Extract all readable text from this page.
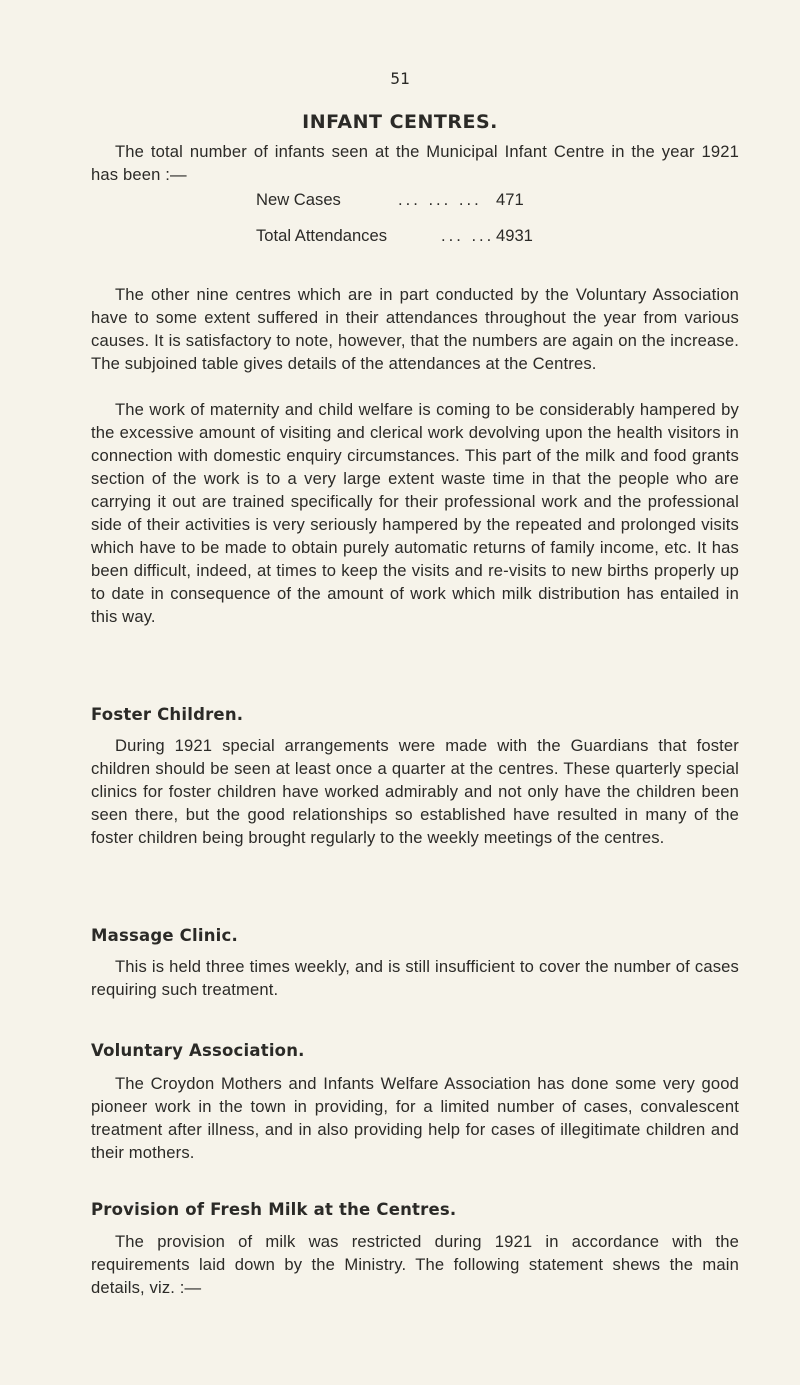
51
INFANT CENTRES.

The total number of infants seen at the Municipal Infant Centre in the year 1921 has been :—

New Cases	... ... ... 471
Total Attendances	... ... 4931

The other nine centres which are in part conducted by the Voluntary Association have to some extent suffered in their attendances throughout the year from various causes. It is satisfactory to note, however, that the numbers are again on the increase. The subjoined table gives details of the attendances at the Centres.

The work of maternity and child welfare is coming to be considerably hampered by the excessive amount of visiting and clerical work devolving upon the health visitors in connection with domestic enquiry circumstances. This part of the milk and food grants section of the work is to a very large extent waste time in that the people who are carrying it out are trained specifically for their professional work and the professional side of their activities is very seriously hampered by the repeated and prolonged visits which have to be made to obtain purely automatic returns of family income, etc. It has been difficult, indeed, at times to keep the visits and re-visits to new births properly up to date in consequence of the amount of work which milk distribution has entailed in this way.

Foster Children.

During 1921 special arrangements were made with the Guardians that foster children should be seen at least once a quarter at the centres. These quarterly special clinics for foster children have worked admirably and not only have the children been seen there, but the good relationships so established have resulted in many of the foster children being brought regularly to the weekly meetings of the centres.

Massage Clinic.

This is held three times weekly, and is still insufficient to cover the number of cases requiring such treatment.

Voluntary Association.

The Croydon Mothers and Infants Welfare Association has done some very good pioneer work in the town in providing, for a limited number of cases, convalescent treatment after illness, and in also providing help for cases of illegitimate children and their mothers.

Provision of Fresh Milk at the Centres.

The provision of milk was restricted during 1921 in accordance with the requirements laid down by the Ministry. The following statement shews the main details, viz. :—
